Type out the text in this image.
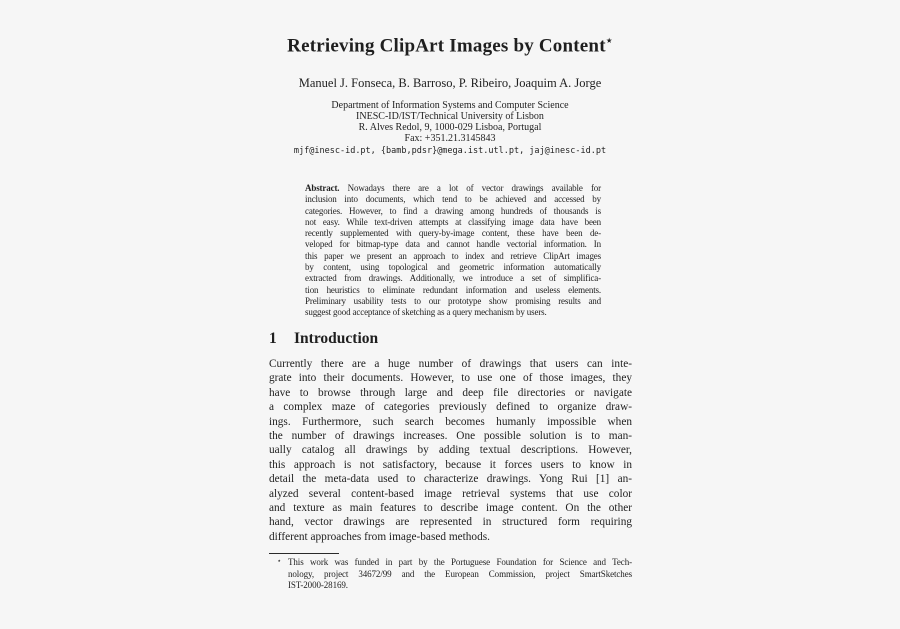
Retrieving ClipArt Images by Content⋆
Manuel J. Fonseca, B. Barroso, P. Ribeiro, Joaquim A. Jorge
Department of Information Systems and Computer Science
INESC-ID/IST/Technical University of Lisbon
R. Alves Redol, 9, 1000-029 Lisboa, Portugal
Fax: +351.21.3145843
mjf@inesc-id.pt, {bamb,pdsr}@mega.ist.utl.pt, jaj@inesc-id.pt
Abstract. Nowadays there are a lot of vector drawings available for
inclusion into documents, which tend to be achieved and accessed by
categories. However, to find a drawing among hundreds of thousands is
not easy. While text-driven attempts at classifying image data have been
recently supplemented with query-by-image content, these have been de-
veloped for bitmap-type data and cannot handle vectorial information. In
this paper we present an approach to index and retrieve ClipArt images
by content, using topological and geometric information automatically
extracted from drawings. Additionally, we introduce a set of simplifica-
tion heuristics to eliminate redundant information and useless elements.
Preliminary usability tests to our prototype show promising results and
suggest good acceptance of sketching as a query mechanism by users.
1 Introduction
Currently there are a huge number of drawings that users can inte-
grate into their documents. However, to use one of those images, they
have to browse through large and deep file directories or navigate
a complex maze of categories previously defined to organize draw-
ings. Furthermore, such search becomes humanly impossible when
the number of drawings increases. One possible solution is to man-
ually catalog all drawings by adding textual descriptions. However,
this approach is not satisfactory, because it forces users to know in
detail the meta-data used to characterize drawings. Yong Rui [1] an-
alyzed several content-based image retrieval systems that use color
and texture as main features to describe image content. On the other
hand, vector drawings are represented in structured form requiring
different approaches from image-based methods.
⋆ This work was funded in part by the Portuguese Foundation for Science and Tech-
nology, project 34672/99 and the European Commission, project SmartSketches
IST-2000-28169.
